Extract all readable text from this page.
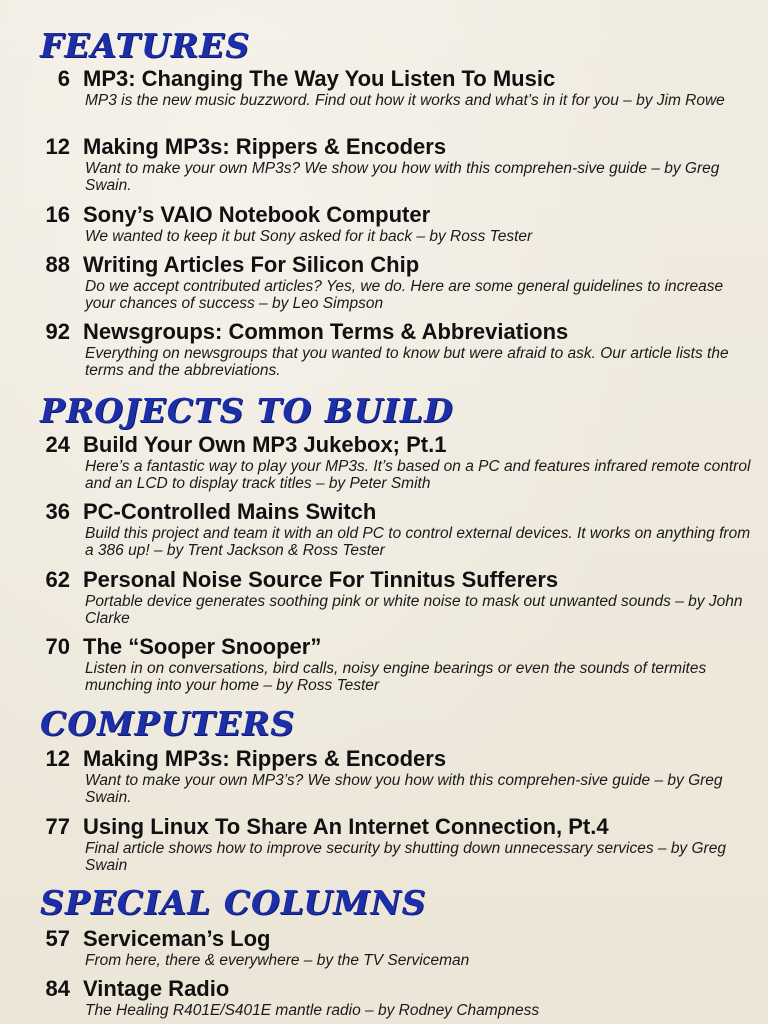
FEATURES
6 MP3: Changing The Way You Listen To Music
MP3 is the new music buzzword. Find out how it works and what’s in it for you – by Jim Rowe
12 Making MP3s: Rippers & Encoders
Want to make your own MP3s? We show you how with this comprehen-sive guide – by Greg Swain.
16 Sony’s VAIO Notebook Computer
We wanted to keep it but Sony asked for it back – by Ross Tester
88 Writing Articles For Silicon Chip
Do we accept contributed articles? Yes, we do. Here are some general guidelines to increase your chances of success – by Leo Simpson
92 Newsgroups: Common Terms & Abbreviations
Everything on newsgroups that you wanted to know but were afraid to ask. Our article lists the terms and the abbreviations.
PROJECTS TO BUILD
24 Build Your Own MP3 Jukebox; Pt.1
Here’s a fantastic way to play your MP3s. It’s based on a PC and features infrared remote control and an LCD to display track titles – by Peter Smith
36 PC-Controlled Mains Switch
Build this project and team it with an old PC to control external devices. It works on anything from a 386 up! – by Trent Jackson & Ross Tester
62 Personal Noise Source For Tinnitus Sufferers
Portable device generates soothing pink or white noise to mask out unwanted sounds – by John Clarke
70 The “Sooper Snooper”
Listen in on conversations, bird calls, noisy engine bearings or even the sounds of termites munching into your home – by Ross Tester
COMPUTERS
12 Making MP3s: Rippers & Encoders
Want to make your own MP3’s? We show you how with this comprehen-sive guide – by Greg Swain.
77 Using Linux To Share An Internet Connection, Pt.4
Final article shows how to improve security by shutting down unnecessary services – by Greg Swain
SPECIAL COLUMNS
57 Serviceman’s Log
From here, there & everywhere – by the TV Serviceman
84 Vintage Radio
The Healing R401E/S401E mantle radio – by Rodney Champness
